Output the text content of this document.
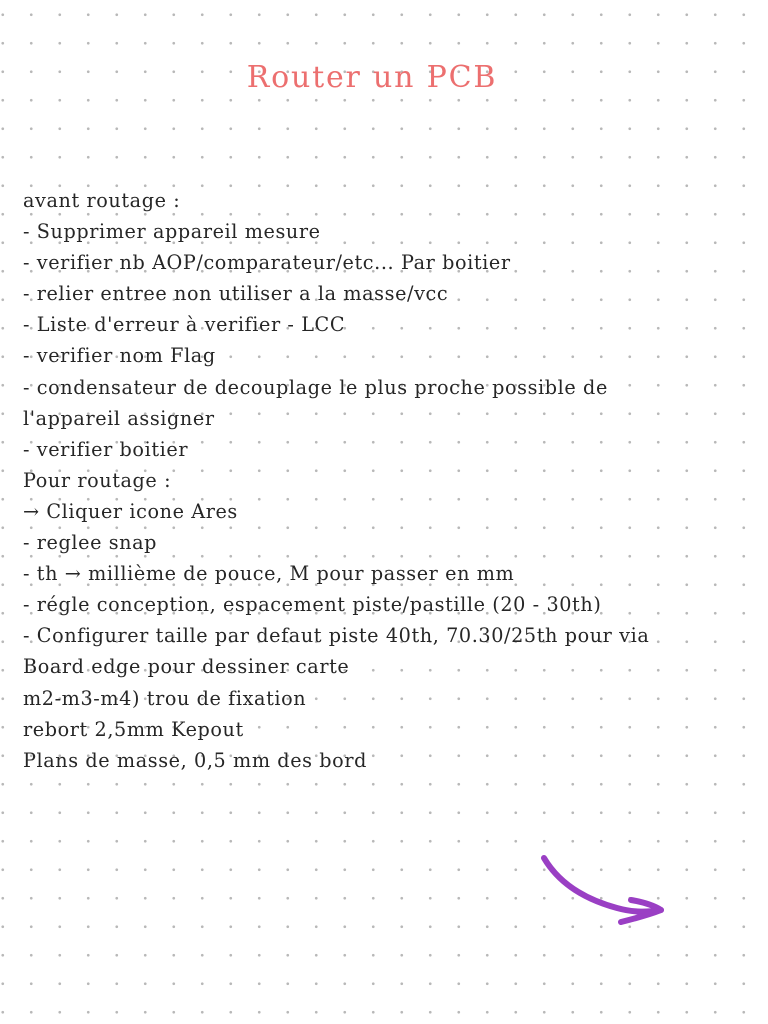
Router un PCB
avant routage :
- Supprimer appareil mesure
- verifier nb AOP/comparateur/etc... Par boitier
- relier entree non utiliser a la masse/vcc
- Liste d'erreur à verifier - LCC
- verifier nom Flag
- condensateur de decouplage le plus proche possible de
l'appareil assigner
- verifier boitier
Pour routage :
→ Cliquer icone Ares
- reglee snap
- th → millième de pouce, M pour passer en mm
- régle conception, espacement piste/pastille (20 - 30th)
- Configurer taille par defaut piste 40th, 70.30/25th pour via
Board edge pour dessiner carte
m2-m3-m4) trou de fixation
rebort 2,5mm Kepout
Plans de masse, 0,5 mm des bord
